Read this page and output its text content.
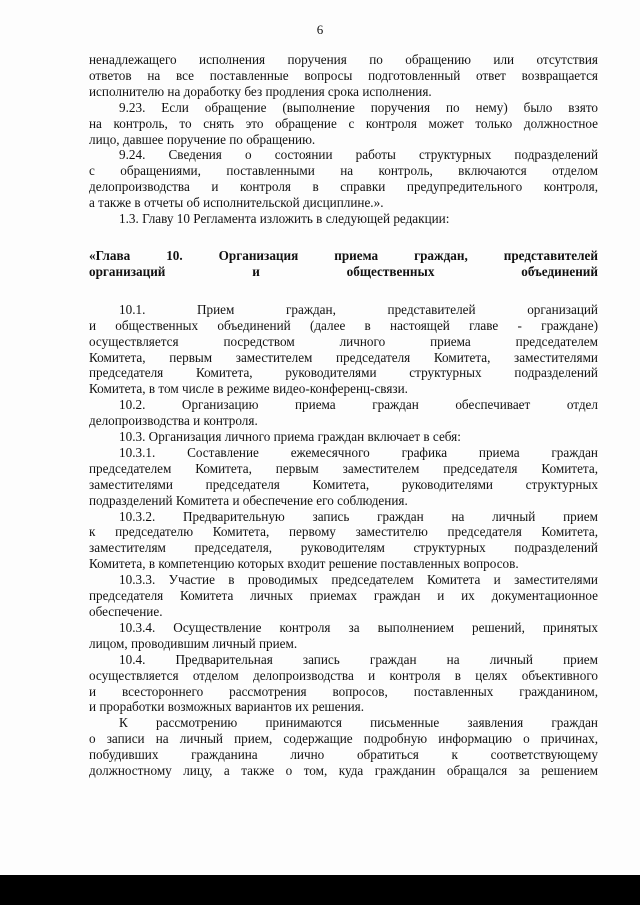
6

ненадлежащего исполнения поручения по обращению или отсутствия

ответов на все поставленные вопросы подготовленный ответ возвращается

исполнителю на доработку без продления срока исполнения.

9.23. Если обращение (выполнение поручения по нему) было взято

на контроль, то снять это обращение с контроля может только должностное

лицо, давшее поручение по обращению.

9.24. Сведения о состоянии работы структурных подразделений

с обращениями, поставленными на контроль, включаются отделом

делопроизводства и контроля в справки предупредительного контроля,

а также в отчеты об исполнительской дисциплине.».

1.3. Главу 10 Регламента изложить в следующей редакции:

«Глава 10. Организация приема граждан, представителей

организаций и общественных объединений

10.1. Прием граждан, представителей организаций

и общественных объединений (далее в настоящей главе - граждане)

осуществляется посредством личного приема председателем

Комитета, первым заместителем председателя Комитета, заместителями

председателя Комитета, руководителями структурных подразделений

Комитета, в том числе в режиме видео-конференц-связи.

10.2. Организацию приема граждан обеспечивает отдел

делопроизводства и контроля.

10.3. Организация личного приема граждан включает в себя:

10.3.1. Составление ежемесячного графика приема граждан

председателем Комитета, первым заместителем председателя Комитета,

заместителями председателя Комитета, руководителями структурных

подразделений Комитета и обеспечение его соблюдения.

10.3.2. Предварительную запись граждан на личный прием

к председателю Комитета, первому заместителю председателя Комитета,

заместителям председателя, руководителям структурных подразделений

Комитета, в компетенцию которых входит решение поставленных вопросов.

10.3.3. Участие в проводимых председателем Комитета и заместителями

председателя Комитета личных приемах граждан и их документационное

обеспечение.

10.3.4. Осуществление контроля за выполнением решений, принятых

лицом, проводившим личный прием.

10.4. Предварительная запись граждан на личный прием

осуществляется отделом делопроизводства и контроля в целях объективного

и всестороннего рассмотрения вопросов, поставленных гражданином,

и проработки возможных вариантов их решения.

К рассмотрению принимаются письменные заявления граждан

о записи на личный прием, содержащие подробную информацию о причинах,

побудивших гражданина лично обратиться к соответствующему

должностному лицу, а также о том, куда гражданин обращался за решением
